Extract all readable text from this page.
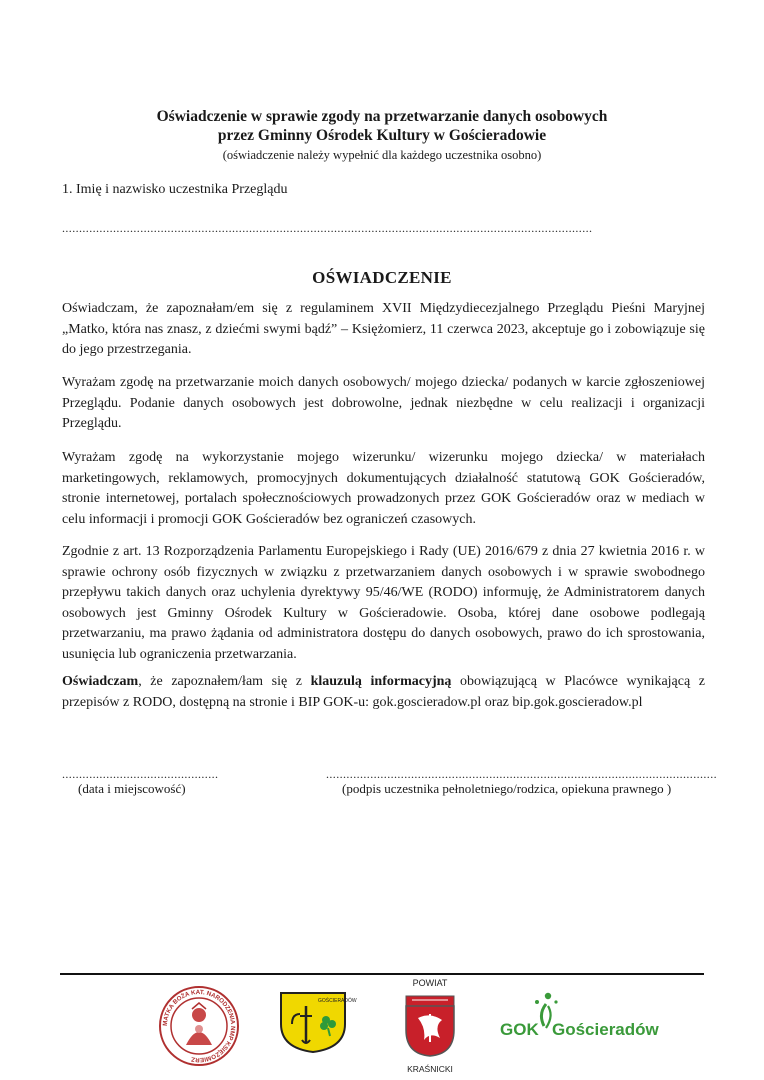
Oświadczenie w sprawie zgody na przetwarzanie danych osobowych
przez Gminny Ośrodek Kultury w Gościeradowie
(oświadczenie należy wypełnić dla każdego uczestnika osobno)
1. Imię i nazwisko uczestnika Przeglądu
............................................................................................................................................................
OŚWIADCZENIE
Oświadczam, że zapoznałam/em się z regulaminem XVII Międzydiecezjalnego Przeglądu Pieśni Maryjnej „Matko, która nas znasz, z dziećmi swymi bądź” – Księżomierz, 11 czerwca 2023, akceptuje go i zobowiązuje się do jego przestrzegania.
Wyrażam zgodę na przetwarzanie moich danych osobowych/ mojego dziecka/ podanych w karcie zgłoszeniowej Przeglądu. Podanie danych osobowych jest dobrowolne, jednak niezbędne w celu realizacji i organizacji Przeglądu.
Wyrażam zgodę na wykorzystanie mojego wizerunku/ wizerunku mojego dziecka/ w materiałach marketingowych, reklamowych, promocyjnych dokumentujących działalność statutową GOK Gościeradów, stronie internetowej, portalach społecznościowych prowadzonych przez GOK Gościeradów oraz w mediach w celu informacji i promocji GOK Gościeradów bez ograniczeń czasowych.
Zgodnie z art. 13 Rozporządzenia Parlamentu Europejskiego i Rady (UE) 2016/679 z dnia 27 kwietnia 2016 r. w sprawie ochrony osób fizycznych w związku z przetwarzaniem danych osobowych i w sprawie swobodnego przepływu takich danych oraz uchylenia dyrektywy 95/46/WE (RODO) informuję, że Administratorem danych osobowych jest Gminny Ośrodek Kultury w Gościeradowie. Osoba, której dane osobowe podlegają przetwarzaniu, ma prawo żądania od administratora dostępu do danych osobowych, prawo do ich sprostowania, usunięcia lub ograniczenia przetwarzania.
Oświadczam, że zapoznałem/łam się z klauzulą informacyjną obowiązującą w Placówce wynikającą z przepisów z RODO, dostępną na stronie i BIP GOK-u: gok.goscieradow.pl oraz bip.gok.goscieradow.pl
..............................................
(data i miejscowość)
...................................................................................................................
(podpis uczestnika pełnoletniego/rodzica, opiekuna prawnego )
MATKA BOŻA KAT. NARODZENIA NMP KSIĘŻOMIERZ
GOŚCIERADÓW
POWIAT
KRAŚNICKI
GOK Gościeradów
